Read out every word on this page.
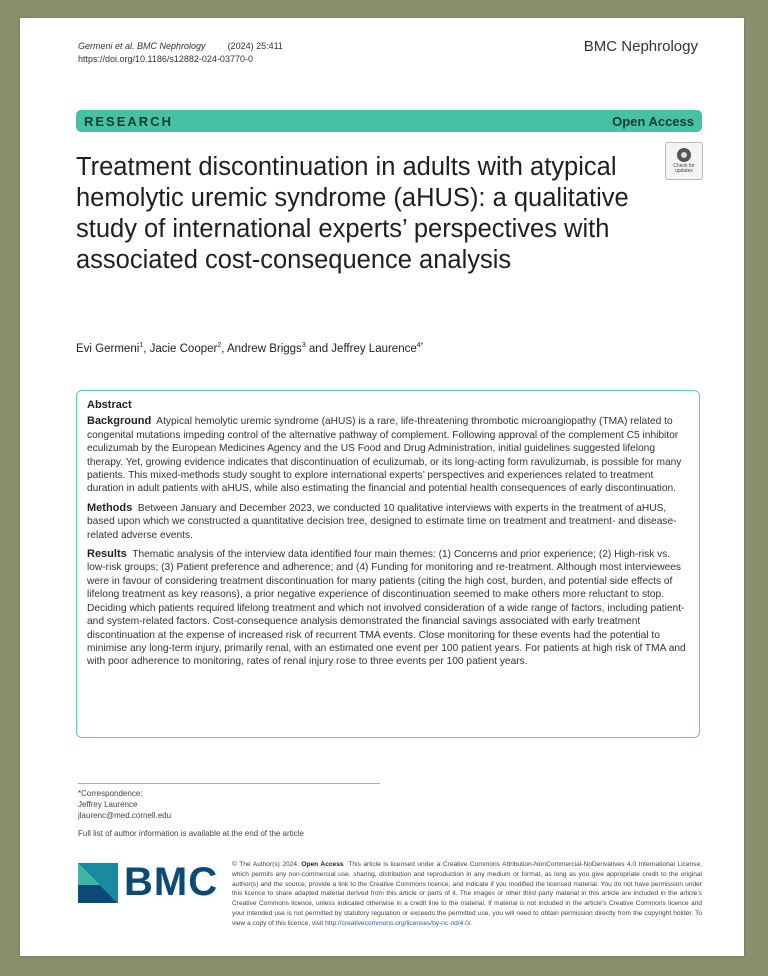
Germeni et al. BMC Nephrology (2024) 25:411
https://doi.org/10.1186/s12882-024-03770-0
BMC Nephrology
RESEARCH	Open Access
Check for updates
Treatment discontinuation in adults with atypical hemolytic uremic syndrome (aHUS): a qualitative study of international experts’ perspectives with associated cost-consequence analysis
Evi Germeni$^1$, Jacie Cooper$^2$, Andrew Briggs$^3$ and Jeffrey Laurence$^{4*}$
Abstract

Background Atypical hemolytic uremic syndrome (aHUS) is a rare, life-threatening thrombotic microangiopathy (TMA) related to congenital mutations impeding control of the alternative pathway of complement. Following approval of the complement C5 inhibitor eculizumab by the European Medicines Agency and the US Food and Drug Administration, initial guidelines suggested lifelong therapy. Yet, growing evidence indicates that discontinuation of eculizumab, or its long-acting form ravulizumab, is possible for many patients. This mixed-methods study sought to explore international experts’ perspectives and experiences related to treatment duration in adult patients with aHUS, while also estimating the financial and potential health consequences of early discontinuation.

Methods Between January and December 2023, we conducted 10 qualitative interviews with experts in the treatment of aHUS, based upon which we constructed a quantitative decision tree, designed to estimate time on treatment and treatment- and disease-related adverse events.

Results Thematic analysis of the interview data identified four main themes: (1) Concerns and prior experience; (2) High-risk vs. low-risk groups; (3) Patient preference and adherence; and (4) Funding for monitoring and re-treatment. Although most interviewees were in favour of considering treatment discontinuation for many patients (citing the high cost, burden, and potential side effects of lifelong treatment as key reasons), a prior negative experience of discontinuation seemed to make others more reluctant to stop. Deciding which patients required lifelong treatment and which not involved consideration of a wide range of factors, including patient- and system-related factors. Cost-consequence analysis demonstrated the financial savings associated with early treatment discontinuation at the expense of increased risk of recurrent TMA events. Close monitoring for these events had the potential to minimise any long-term injury, primarily renal, with an estimated one event per 100 patient years. For patients at high risk of TMA and with poor adherence to monitoring, rates of renal injury rose to three events per 100 patient years.

*Correspondence:
Jeffrey Laurence
jlaurenc@med.cornell.edu
Full list of author information is available at the end of the article
BMC © The Author(s) 2024. Open Access This article is licensed under a Creative Commons Attribution-NonCommercial-NoDerivatives 4.0 International License, which permits any non-commercial use, sharing, distribution and reproduction in any medium or format, as long as you give appropriate credit to the original author(s) and the source, provide a link to the Creative Commons licence, and indicate if you modified the licensed material. You do not have permission under this licence to share adapted material derived from this article or parts of it. The images or other third party material in this article are included in the article’s Creative Commons licence, unless indicated otherwise in a credit line to the material. If material is not included in the article’s Creative Commons licence and your intended use is not permitted by statutory regulation or exceeds the permitted use, you will need to obtain permission directly from the copyright holder. To view a copy of this licence, visit http://creativecommons.org/licenses/by-nc-nd/4.0/.
